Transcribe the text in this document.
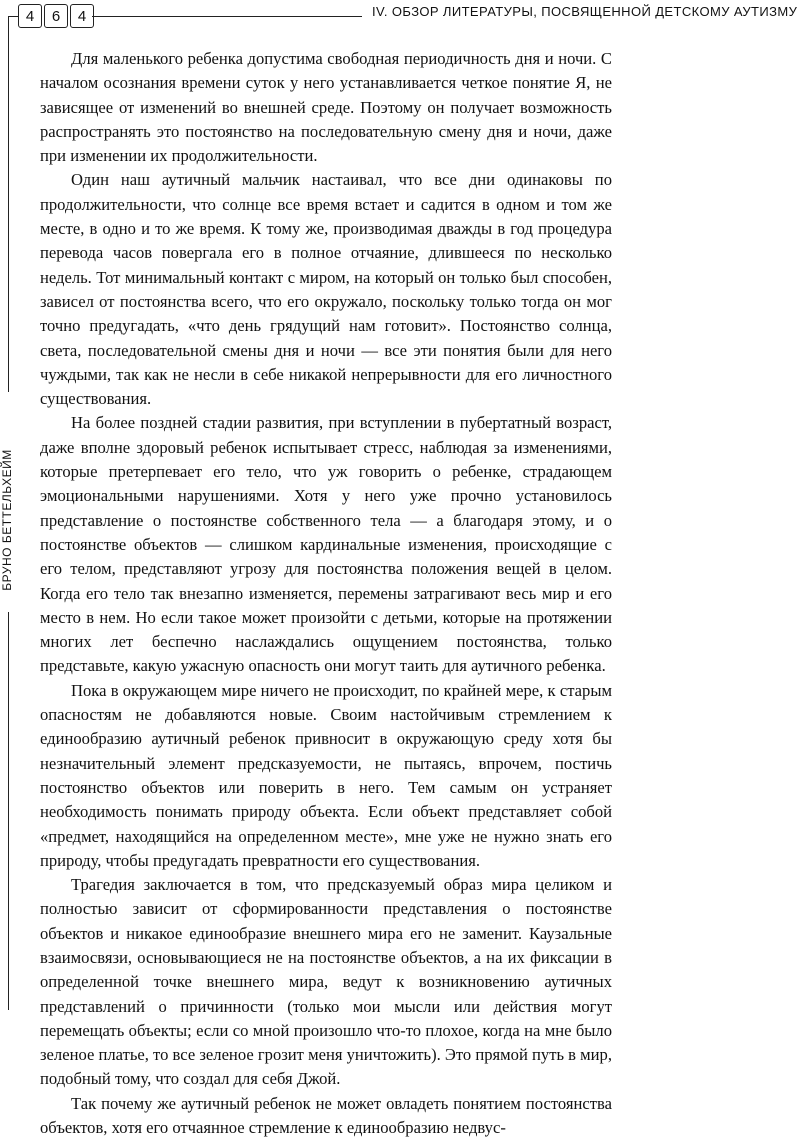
4	6	4	IV. ОБЗОР ЛИТЕРАТУРЫ, ПОСВЯЩЕННОЙ ДЕТСКОМУ АУТИЗМУ
БРУНО БЕТТЕЛЬХЕЙМ

Для маленького ребенка допустима свободная периодичность дня и ночи. С началом осознания времени суток у него устанавливается четкое понятие Я, не зависящее от изменений во внешней среде. Поэтому он получает возможность распространять это постоянство на последовательную смену дня и ночи, даже при изменении их продолжительности.

Один наш аутичный мальчик настаивал, что все дни одинаковы по продолжительности, что солнце все время встает и садится в одном и том же месте, в одно и то же время. К тому же, производимая дважды в год процедура перевода часов повергала его в полное отчаяние, длившееся по несколько недель. Тот минимальный контакт с миром, на который он только был способен, зависел от постоянства всего, что его окружало, поскольку только тогда он мог точно предугадать, «что день грядущий нам готовит». Постоянство солнца, света, последовательной смены дня и ночи — все эти понятия были для него чуждыми, так как не несли в себе никакой непрерывности для его личностного существования.

На более поздней стадии развития, при вступлении в пубертатный возраст, даже вполне здоровый ребенок испытывает стресс, наблюдая за изменениями, которые претерпевает его тело, что уж говорить о ребенке, страдающем эмоциональными нарушениями. Хотя у него уже прочно установилось представление о постоянстве собственного тела — а благодаря этому, и о постоянстве объектов — слишком кардинальные изменения, происходящие с его телом, представляют угрозу для постоянства положения вещей в целом. Когда его тело так внезапно изменяется, перемены затрагивают весь мир и его место в нем. Но если такое может произойти с детьми, которые на протяжении многих лет беспечно наслаждались ощущением постоянства, только представьте, какую ужасную опасность они могут таить для аутичного ребенка.

Пока в окружающем мире ничего не происходит, по крайней мере, к старым опасностям не добавляются новые. Своим настойчивым стремлением к единообразию аутичный ребенок привносит в окружающую среду хотя бы незначительный элемент предсказуемости, не пытаясь, впрочем, постичь постоянство объектов или поверить в него. Тем самым он устраняет необходимость понимать природу объекта. Если объект представляет собой «предмет, находящийся на определенном месте», мне уже не нужно знать его природу, чтобы предугадать превратности его существования.

Трагедия заключается в том, что предсказуемый образ мира целиком и полностью зависит от сформированности представления о постоянстве объектов и никакое единообразие внешнего мира его не заменит. Каузальные взаимосвязи, основывающиеся не на постоянстве объектов, а на их фиксации в определенной точке внешнего мира, ведут к возникновению аутичных представлений о причинности (только мои мысли или действия могут перемещать объекты; если со мной произошло что-то плохое, когда на мне было зеленое платье, то все зеленое грозит меня уничтожить). Это прямой путь в мир, подобный тому, что создал для себя Джой.

Так почему же аутичный ребенок не может овладеть понятием постоянства объектов, хотя его отчаянное стремление к единообразию недвус-
